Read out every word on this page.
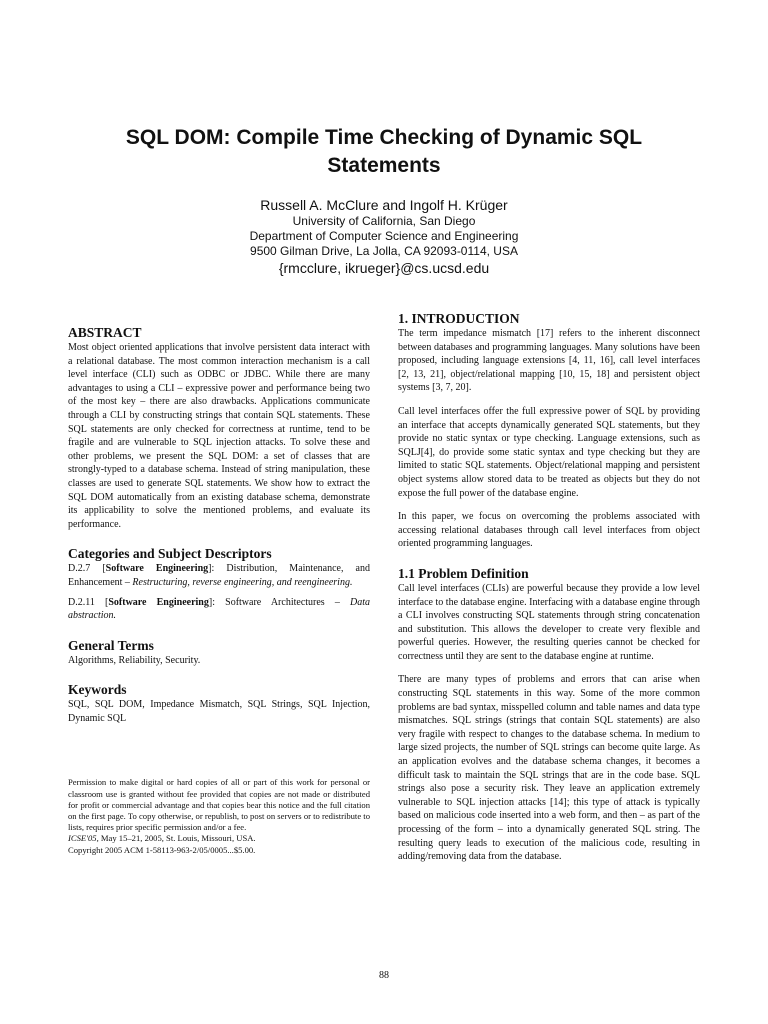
SQL DOM: Compile Time Checking of Dynamic SQL
Statements
Russell A. McClure and Ingolf H. Krüger
University of California, San Diego
Department of Computer Science and Engineering
9500 Gilman Drive, La Jolla, CA 92093-0114, USA
{rmcclure, ikrueger}@cs.ucsd.edu
ABSTRACT

Most object oriented applications that involve persistent data interact with a relational database. The most common interaction mechanism is a call level interface (CLI) such as ODBC or JDBC. While there are many advantages to using a CLI – expressive power and performance being two of the most key – there are also drawbacks. Applications communicate through a CLI by constructing strings that contain SQL statements. These SQL statements are only checked for correctness at runtime, tend to be fragile and are vulnerable to SQL injection attacks. To solve these and other problems, we present the SQL DOM: a set of classes that are strongly-typed to a database schema. Instead of string manipulation, these classes are used to generate SQL statements. We show how to extract the SQL DOM automatically from an existing database schema, demonstrate its applicability to solve the mentioned problems, and evaluate its performance.

Categories and Subject Descriptors

D.2.7 [Software Engineering]: Distribution, Maintenance, and Enhancement – Restructuring, reverse engineering, and reengineering.

D.2.11 [Software Engineering]: Software Architectures – Data abstraction.

General Terms

Algorithms, Reliability, Security.

Keywords

SQL, SQL DOM, Impedance Mismatch, SQL Strings, SQL Injection, Dynamic SQL

Permission to make digital or hard copies of all or part of this work for personal or classroom use is granted without fee provided that copies are not made or distributed for profit or commercial advantage and that copies bear this notice and the full citation on the first page. To copy otherwise, or republish, to post on servers or to redistribute to lists, requires prior specific permission and/or a fee.

ICSE'05, May 15–21, 2005, St. Louis, Missouri, USA.

Copyright 2005 ACM 1-58113-963-2/05/0005...$5.00.

1. INTRODUCTION

The term impedance mismatch [17] refers to the inherent disconnect between databases and programming languages. Many solutions have been proposed, including language extensions [4, 11, 16], call level interfaces [2, 13, 21], object/relational mapping [10, 15, 18] and persistent object systems [3, 7, 20].

Call level interfaces offer the full expressive power of SQL by providing an interface that accepts dynamically generated SQL statements, but they provide no static syntax or type checking. Language extensions, such as SQLJ[4], do provide some static syntax and type checking but they are limited to static SQL statements. Object/relational mapping and persistent object systems allow stored data to be treated as objects but they do not expose the full power of the database engine.

In this paper, we focus on overcoming the problems associated with accessing relational databases through call level interfaces from object oriented programming languages.

1.1 Problem Definition

Call level interfaces (CLIs) are powerful because they provide a low level interface to the database engine. Interfacing with a database engine through a CLI involves constructing SQL statements through string concatenation and substitution. This allows the developer to create very flexible and powerful queries. However, the resulting queries cannot be checked for correctness until they are sent to the database engine at runtime.

There are many types of problems and errors that can arise when constructing SQL statements in this way. Some of the more common problems are bad syntax, misspelled column and table names and data type mismatches. SQL strings (strings that contain SQL statements) are also very fragile with respect to changes to the database schema. In medium to large sized projects, the number of SQL strings can become quite large. As an application evolves and the database schema changes, it becomes a difficult task to maintain the SQL strings that are in the code base. SQL strings also pose a security risk. They leave an application extremely vulnerable to SQL injection attacks [14]; this type of attack is typically based on malicious code inserted into a web form, and then – as part of the processing of the form – into a dynamically generated SQL string. The resulting query leads to execution of the malicious code, resulting in adding/removing data from the database.

88
